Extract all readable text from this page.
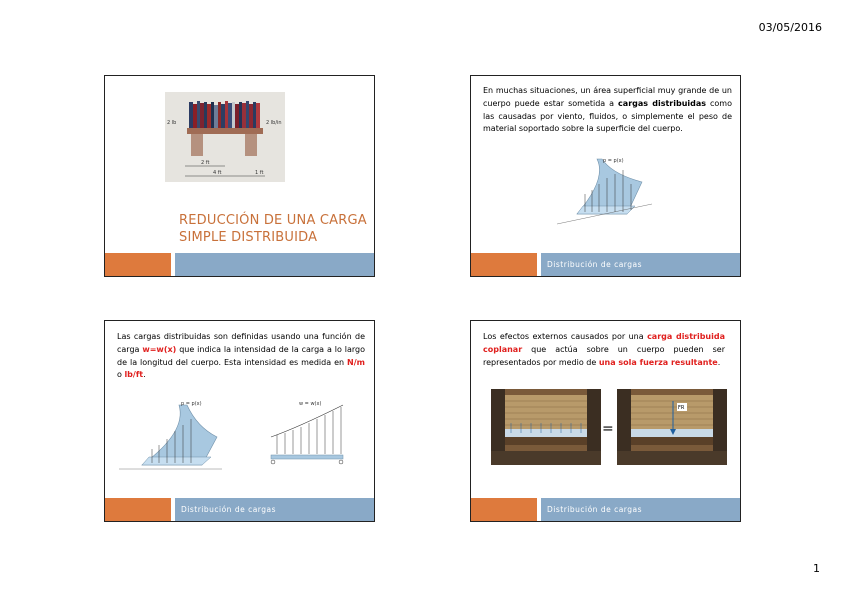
03/05/2016
2 lb	2 lb/in
2 ft
4 ft	1 ft
REDUCCIÓN DE UNA CARGA
SIMPLE DISTRIBUIDA
En muchas situaciones, un área superficial muy grande de un cuerpo puede estar sometida a cargas distribuidas como las causadas por viento, fluidos, o simplemente el peso de material soportado sobre la superficie del cuerpo.
p = p(x)
Distribución de cargas
Las cargas distribuidas son definidas usando una función de carga w=w(x) que indica la intensidad de la carga a lo largo de la longitud del cuerpo. Esta intensidad es medida en N/m o lb/ft.
p = p(x)	w = w(x)
Distribución de cargas
Los efectos externos causados por una carga distribuida coplanar que actúa sobre un cuerpo pueden ser representados por medio de una sola fuerza resultante.
=
FR
Distribución de cargas
1
